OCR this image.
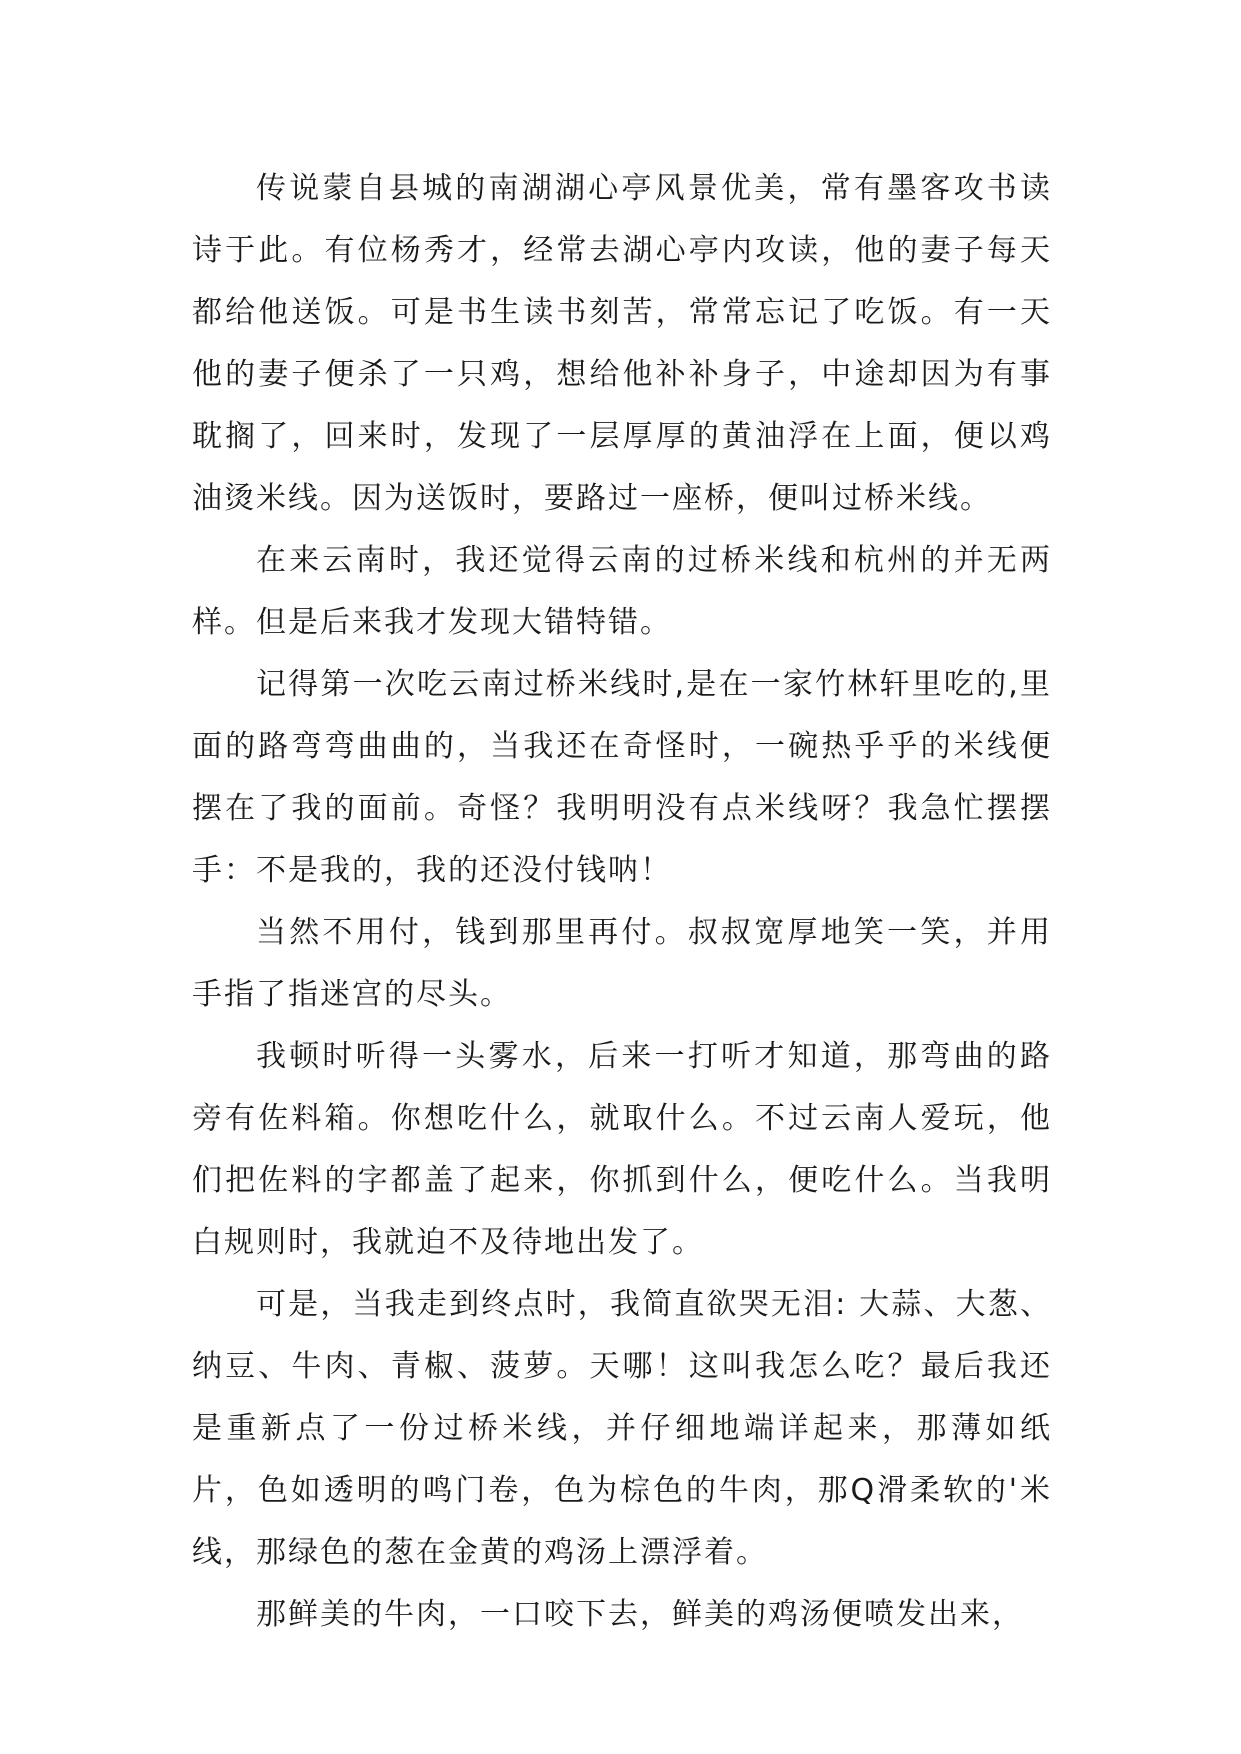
传说蒙自县城的南湖湖心亭风景优美，常有墨客攻书读诗于此。有位杨秀才，经常去湖心亭内攻读，他的妻子每天都给他送饭。可是书生读书刻苦，常常忘记了吃饭。有一天他的妻子便杀了一只鸡，想给他补补身子，中途却因为有事耽搁了，回来时，发现了一层厚厚的黄油浮在上面，便以鸡油烫米线。因为送饭时，要路过一座桥，便叫过桥米线。

在来云南时，我还觉得云南的过桥米线和杭州的并无两样。但是后来我才发现大错特错。

记得第一次吃云南过桥米线时,是在一家竹林轩里吃的,里面的路弯弯曲曲的，当我还在奇怪时，一碗热乎乎的米线便摆在了我的面前。奇怪？我明明没有点米线呀？我急忙摆摆手：不是我的，我的还没付钱呐！

当然不用付，钱到那里再付。叔叔宽厚地笑一笑，并用手指了指迷宫的尽头。

我顿时听得一头雾水，后来一打听才知道，那弯曲的路旁有佐料箱。你想吃什么，就取什么。不过云南人爱玩，他们把佐料的字都盖了起来，你抓到什么，便吃什么。当我明白规则时，我就迫不及待地出发了。

可是，当我走到终点时，我简直欲哭无泪: 大蒜、大葱、纳豆、牛肉、青椒、菠萝。天哪！这叫我怎么吃？最后我还是重新点了一份过桥米线，并仔细地端详起来，那薄如纸片，色如透明的鸣门卷，色为棕色的牛肉，那Q滑柔软的'米线，那绿色的葱在金黄的鸡汤上漂浮着。

那鲜美的牛肉，一口咬下去，鲜美的鸡汤便喷发出来，
